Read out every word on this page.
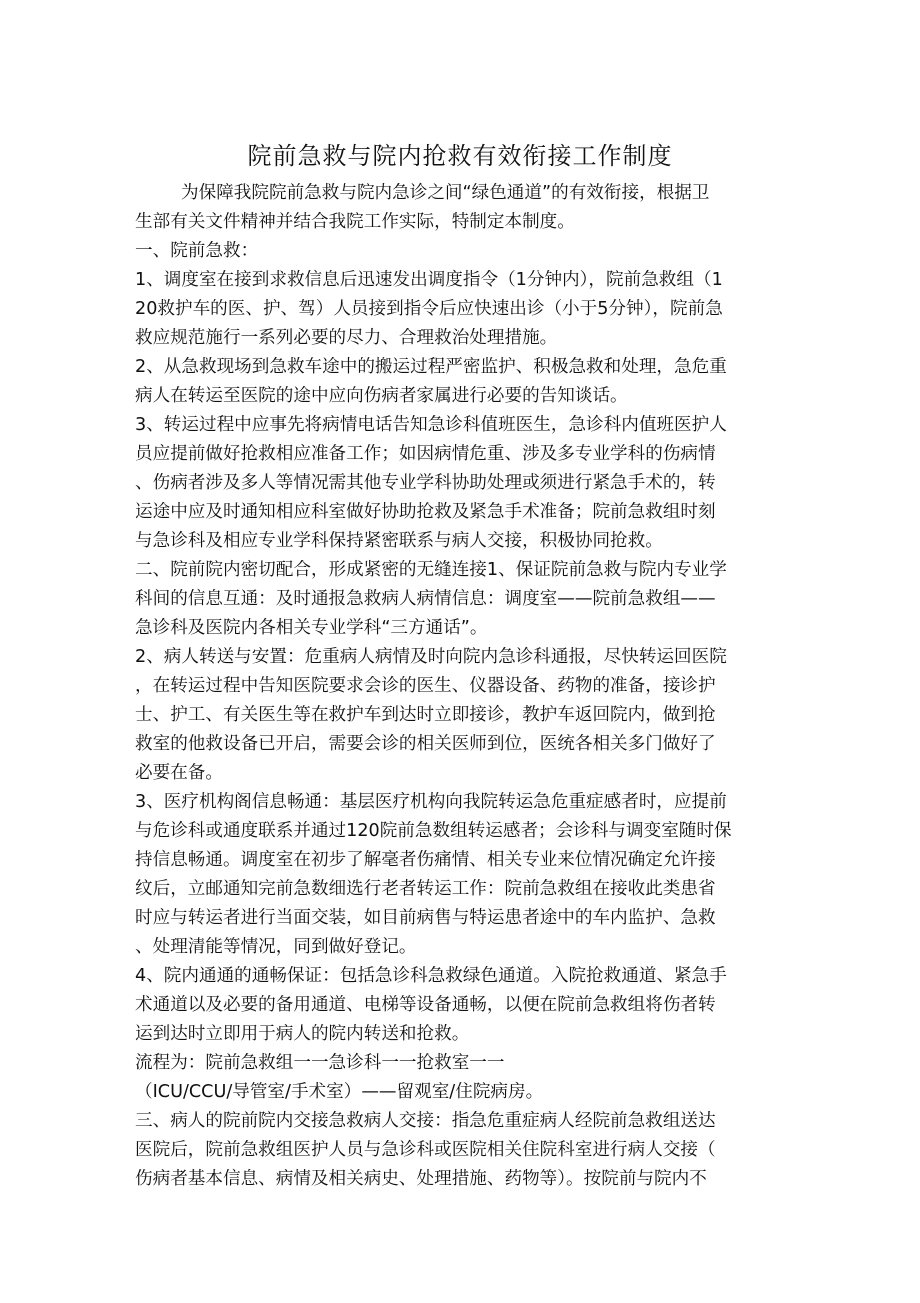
院前急救与院内抢救有效衔接工作制度
为保障我院院前急救与院内急诊之间“绿色通道”的有效衔接，根据卫
生部有关文件精神并结合我院工作实际，特制定本制度。
一、院前急救：
1、调度室在接到求救信息后迅速发出调度指令（1分钟内），院前急救组（1
20救护车的医、护、驾）人员接到指令后应快速出诊（小于5分钟），院前急
救应规范施行一系列必要的尽力、合理救治处理措施。
2、从急救现场到急救车途中的搬运过程严密监护、积极急救和处理，急危重
病人在转运至医院的途中应向伤病者家属进行必要的告知谈话。
3、转运过程中应事先将病情电话告知急诊科值班医生，急诊科内值班医护人
员应提前做好抢救相应准备工作；如因病情危重、涉及多专业学科的伤病情
、伤病者涉及多人等情况需其他专业学科协助处理或须进行紧急手术的，转
运途中应及时通知相应科室做好协助抢救及紧急手术准备；院前急救组时刻
与急诊科及相应专业学科保持紧密联系与病人交接，积极协同抢救。
二、院前院内密切配合，形成紧密的无缝连接1、保证院前急救与院内专业学
科间的信息互通：及时通报急救病人病情信息：调度室——院前急救组——
急诊科及医院内各相关专业学科“三方通话”。
2、病人转送与安置：危重病人病情及时向院内急诊科通报，尽快转运回医院
，在转运过程中告知医院要求会诊的医生、仪器设备、药物的准备，接诊护
士、护工、有关医生等在救护车到达时立即接诊，教护车返回院内，做到抢
救室的他救设备已开启，需要会诊的相关医师到位，医统各相关多门做好了
必要在备。
3、医疗机构阁信息畅通：基层医疗机构向我院转运急危重症感者时，应提前
与危诊科或通度联系并通过120院前急数组转运感者；会诊科与调变室随时保
持信息畅通。调度室在初步了解毫者伤痛情、相关专业来位情况确定允许接
纹后，立邮通知完前急数细选行老者转运工作：院前急救组在接收此类患省
时应与转运者进行当面交装，如目前病售与特运患者途中的车内监护、急救
、处理清能等情况，同到做好登记。
4、院内通通的通畅保证：包括急诊科急救绿色通道。入院抢救通道、紧急手
术通道以及必要的备用通道、电梯等设备通畅，以便在院前急救组将伤者转
运到达时立即用于病人的院内转送和抢救。
流程为：院前急救组一一急诊科一一抢救室一一
（ICU/CCU/导管室/手术室）——留观室/住院病房。
三、病人的院前院内交接急救病人交接：指急危重症病人经院前急救组送达
医院后，院前急救组医护人员与急诊科或医院相关住院科室进行病人交接（
伤病者基本信息、病情及相关病史、处理措施、药物等）。按院前与院内不
